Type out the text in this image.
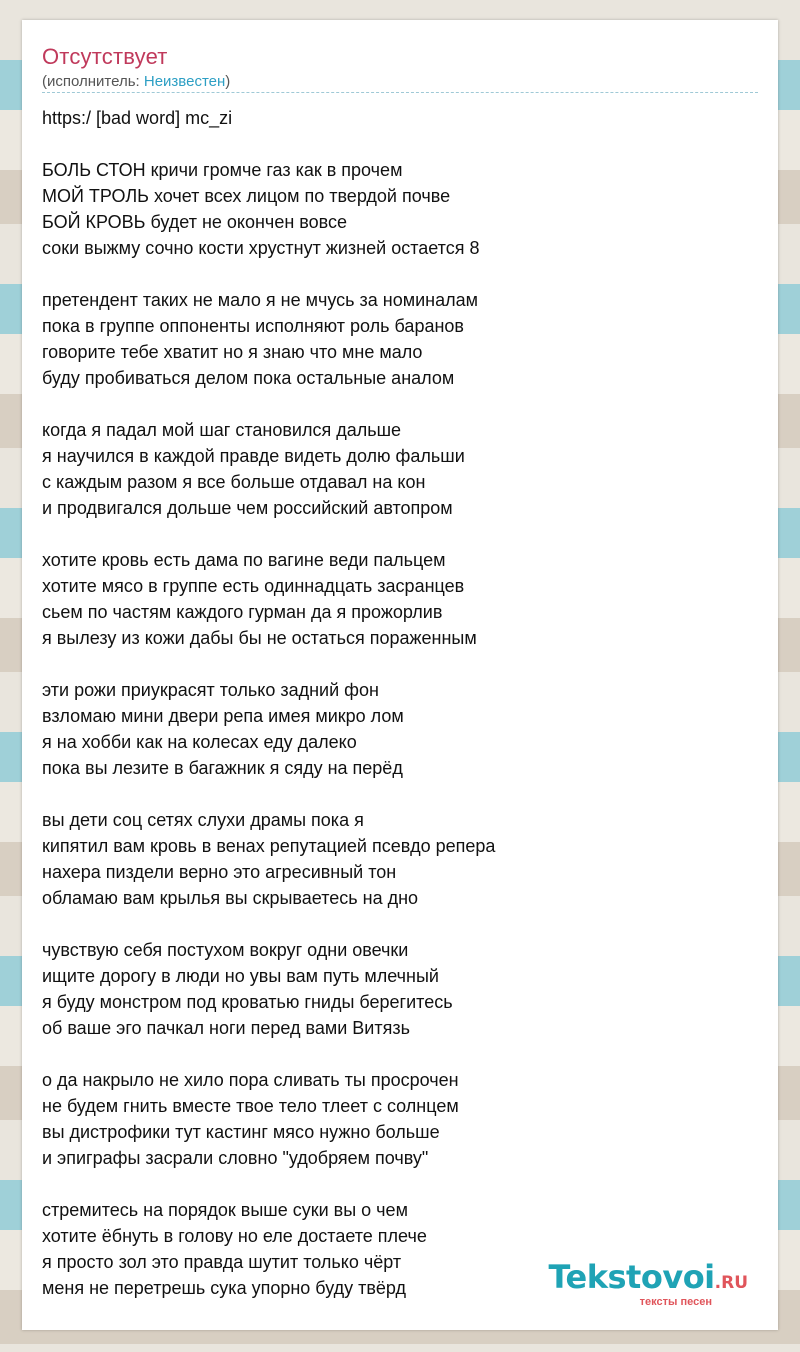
Отсутствует
(исполнитель: Неизвестен)
https:/ [bad word] mc_zi
БОЛЬ СТОН кричи громче газ как в прочем
МОЙ ТРОЛЬ хочет всех лицом по твердой почве
БОЙ КРОВЬ будет не окончен вовсе
соки выжму сочно кости хрустнут жизней остается 8
претендент таких не мало я не мчусь за номиналам
пока в группе оппоненты исполняют роль баранов
говорите тебе хватит но я знаю что мне мало
буду пробиваться делом пока остальные аналом
когда я падал мой шаг становился дальше
я научился в каждой правде видеть долю фальши
с каждым разом я все больше отдавал на кон
и продвигался дольше чем российский автопром
хотите кровь есть дама по вагине веди пальцем
хотите мясо в группе есть одиннадцать засранцев
сьем по частям каждого гурман да я прожорлив
я вылезу из кожи дабы бы не остаться пораженным
эти рожи приукрасят только задний фон
взломаю мини двери репа имея микро лом
я на хобби как на колесах еду далеко
пока вы лезите в багажник я сяду на перёд
вы дети соц сетях слухи драмы пока я
кипятил вам кровь в венах репутацией псевдо репера
нахера пиздели верно это агресивный тон
обламаю вам крылья вы скрываетесь на дно
чувствую себя постухом вокруг одни овечки
ищите дорогу в люди но увы вам путь млечный
я буду монстром под кроватью гниды берегитесь
об ваше эго пачкал ноги перед вами Витязь
о да накрыло не хило пора сливать ты просрочен
не будем гнить вместе твое тело тлеет с солнцем
вы дистрофики тут кастинг мясо нужно больше
и эпиграфы засрали словно "удобряем почву"
стремитесь на порядок выше суки вы о чем
хотите ёбнуть в голову но еле достаете плече
я просто зол это правда шутит только чёрт
меня не перетрешь сука упорно буду твёрд	Tekstovoi.RU
тексты песен
